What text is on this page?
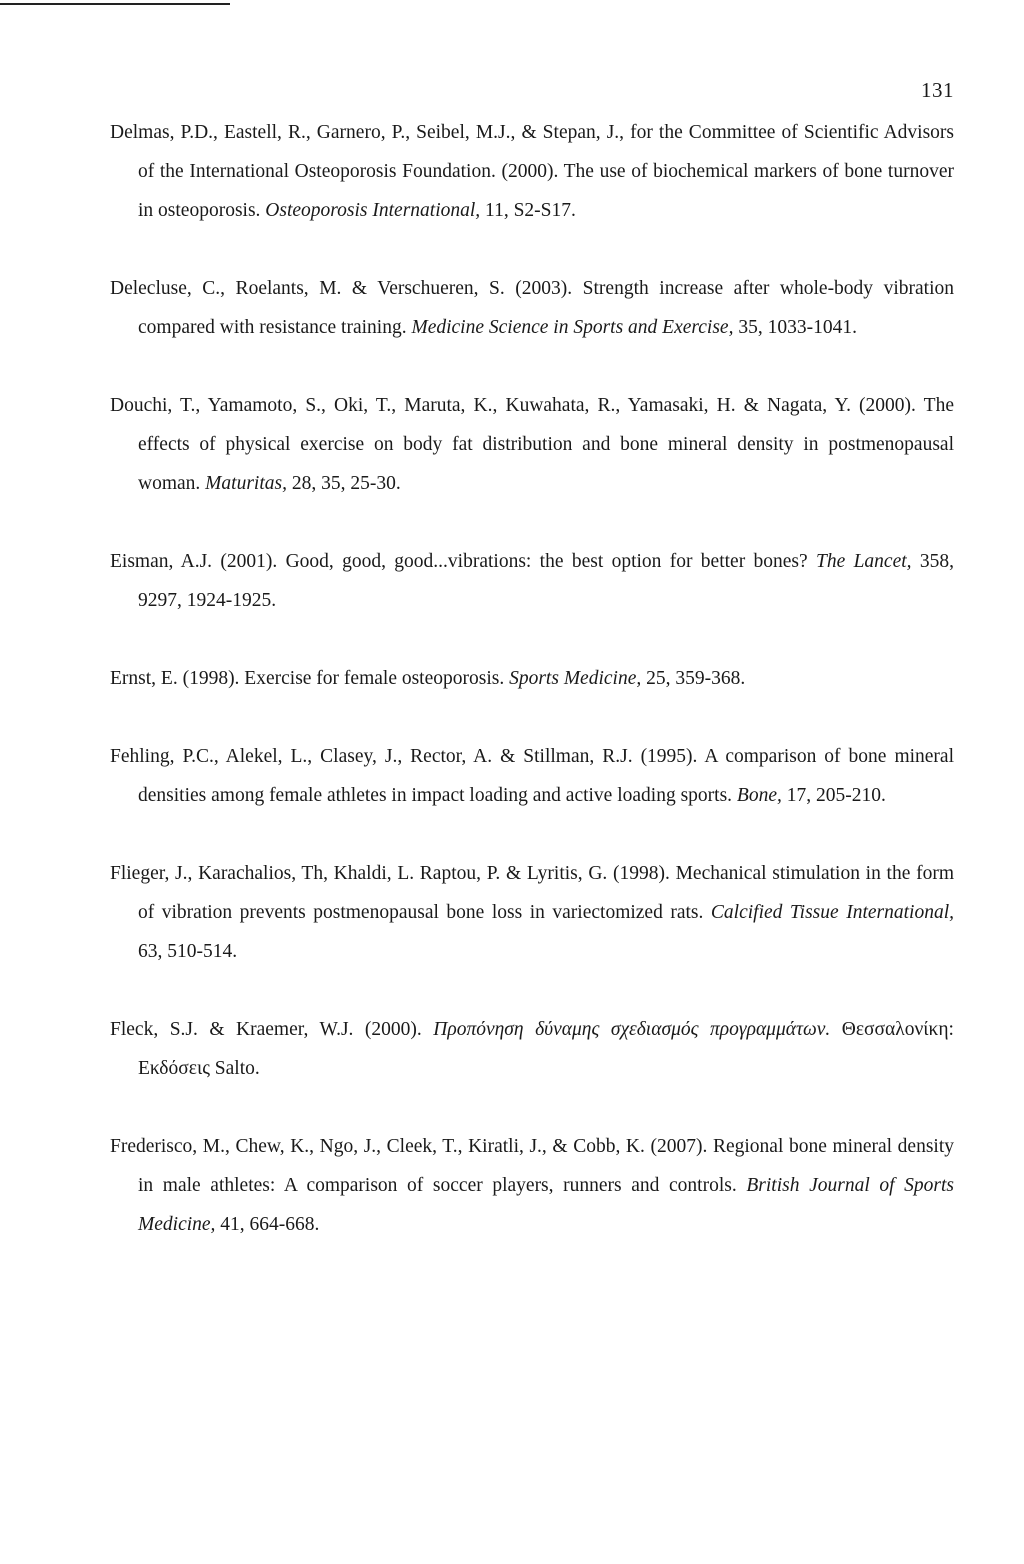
131

Delmas, P.D., Eastell, R., Garnero, P., Seibel, M.J., & Stepan, J., for the Committee of Scientific Advisors of the International Osteoporosis Foundation. (2000). The use of biochemical markers of bone turnover in osteoporosis. Osteoporosis International, 11, S2-S17.

Delecluse, C., Roelants, M. & Verschueren, S. (2003). Strength increase after whole-body vibration compared with resistance training. Medicine Science in Sports and Exercise, 35, 1033-1041.

Douchi, T., Yamamoto, S., Oki, T., Maruta, K., Kuwahata, R., Yamasaki, H. & Nagata, Y. (2000). The effects of physical exercise on body fat distribution and bone mineral density in postmenopausal woman. Maturitas, 28, 35, 25-30.

Eisman, A.J. (2001). Good, good, good...vibrations: the best option for better bones? The Lancet, 358, 9297, 1924-1925.

Ernst, E. (1998). Exercise for female osteoporosis. Sports Medicine, 25, 359-368.

Fehling, P.C., Alekel, L., Clasey, J., Rector, A. & Stillman, R.J. (1995). A comparison of bone mineral densities among female athletes in impact loading and active loading sports. Bone, 17, 205-210.

Flieger, J., Karachalios, Th, Khaldi, L. Raptou, P. & Lyritis, G. (1998). Mechanical stimulation in the form of vibration prevents postmenopausal bone loss in variectomized rats. Calcified Tissue International, 63, 510-514.

Fleck, S.J. & Kraemer, W.J. (2000). Προπόνηση δύναμης σχεδιασμός προγραμμάτων. Θεσσαλονίκη: Εκδόσεις Salto.

Frederisco, M., Chew, K., Ngo, J., Cleek, T., Kiratli, J., & Cobb, K. (2007). Regional bone mineral density in male athletes: A comparison of soccer players, runners and controls. British Journal of Sports Medicine, 41, 664-668.
